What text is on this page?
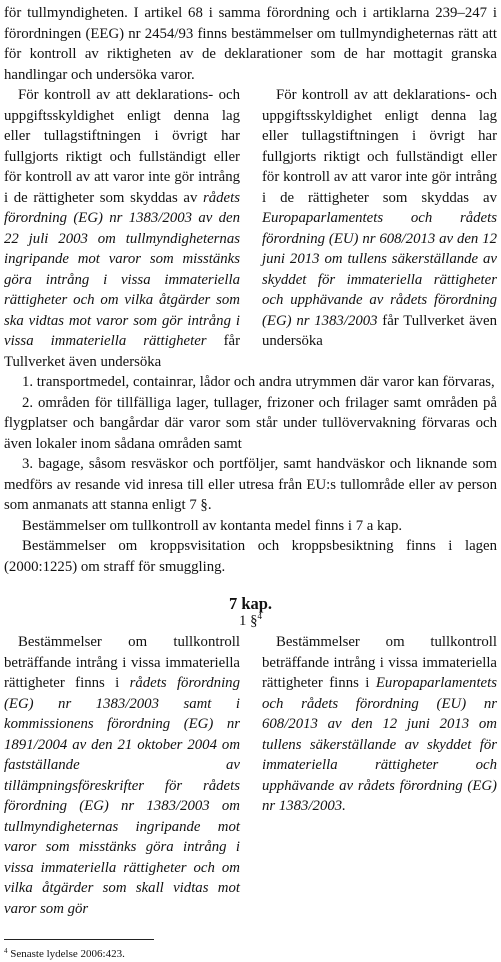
för tullmyndigheten. I artikel 68 i samma förordning och i artiklarna 239–247 i förordningen (EEG) nr 2454/93 finns bestämmelser om tullmyndigheternas rätt att för kontroll av riktigheten av de deklarationer som de har mottagit granska handlingar och undersöka varor.

För kontroll av att deklarations- och uppgiftsskyldighet enligt denna lag eller tullagstiftningen i övrigt har fullgjorts riktigt och fullständigt eller för kontroll av att varor inte gör intrång i de rättigheter som skyddas av rådets förordning (EG) nr 1383/2003 av den 22 juli 2003 om tullmyndigheternas ingripande mot varor som misstänks göra intrång i vissa immateriella rättigheter och om vilka åtgärder som ska vidtas mot varor som gör intrång i vissa immateriella rättigheter får Tullverket även undersöka

För kontroll av att deklarations- och uppgiftsskyldighet enligt denna lag eller tullagstiftningen i övrigt har fullgjorts riktigt och fullständigt eller för kontroll av att varor inte gör intrång i de rättigheter som skyddas av Europaparlamentets och rådets förordning (EU) nr 608/2013 av den 12 juni 2013 om tullens säkerställande av skyddet för immateriella rättigheter och upphävande av rådets förordning (EG) nr 1383/2003 får Tullverket även undersöka

1. transportmedel, containrar, lådor och andra utrymmen där varor kan förvaras,

2. områden för tillfälliga lager, tullager, frizoner och frilager samt områden på flygplatser och bangårdar där varor som står under tullövervakning förvaras och även lokaler inom sådana områden samt

3. bagage, såsom resväskor och portföljer, samt handväskor och liknande som medförs av resande vid inresa till eller utresa från EU:s tullområde eller av person som anmanats att stanna enligt 7 §.

Bestämmelser om tullkontroll av kontanta medel finns i 7 a kap.

Bestämmelser om kroppsvisitation och kroppsbesiktning finns i lagen (2000:1225) om straff för smuggling.

7 kap.

1 §$^4$

Bestämmelser om tullkontroll beträffande intrång i vissa immateriella rättigheter finns i rådets förordning (EG) nr 1383/2003 samt i kommissionens förordning (EG) nr 1891/2004 av den 21 oktober 2004 om fastställande av tillämpningsföreskrifter för rådets förordning (EG) nr 1383/2003 om tullmyndigheternas ingripande mot varor som misstänks göra intrång i vissa immateriella rättigheter och om vilka åtgärder som skall vidtas mot varor som gör

Bestämmelser om tullkontroll beträffande intrång i vissa immateriella rättigheter finns i Europaparlamentets och rådets förordning (EU) nr 608/2013 av den 12 juni 2013 om tullens säkerställande av skyddet för immateriella rättigheter och upphävande av rådets förordning (EG) nr 1383/2003.

$^4$ Senaste lydelse 2006:423.
